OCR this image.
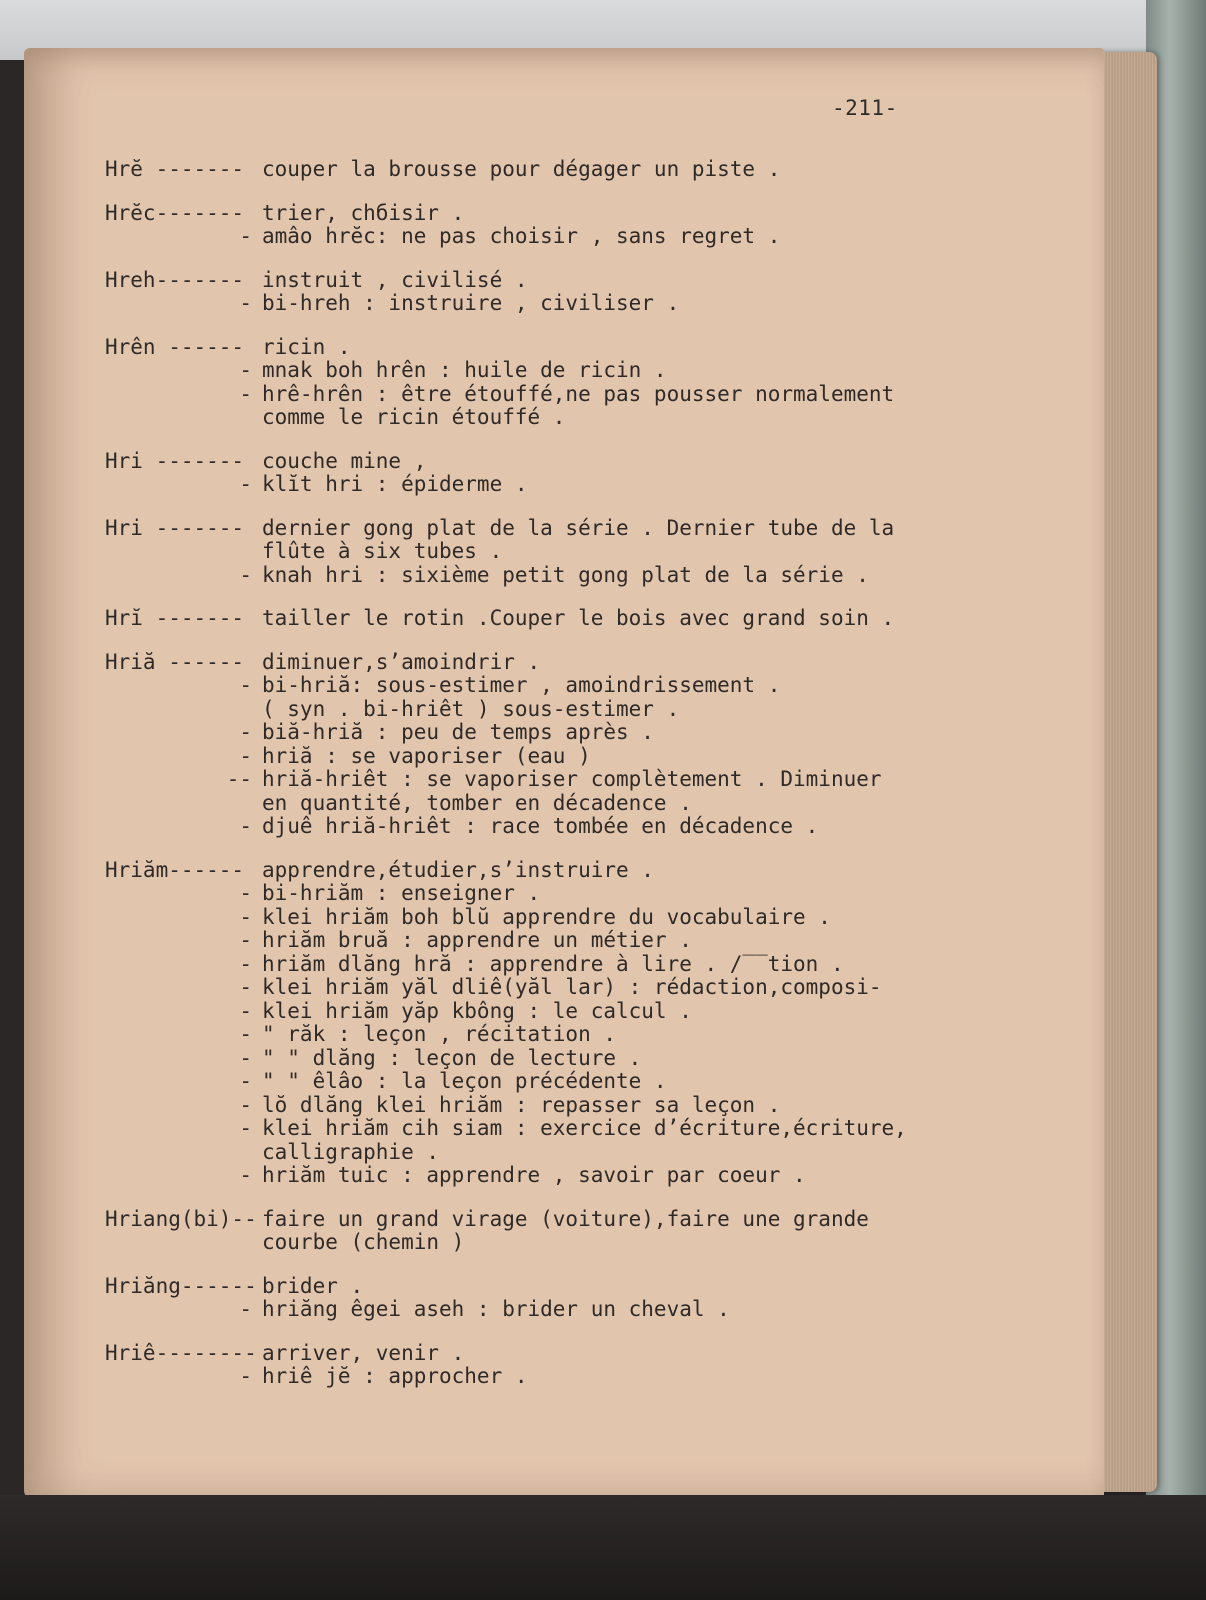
-211-
Hrĕ ------- couper la brousse pour dégager un piste .
Hrĕc------- trier, chбisir .
- amâo hrĕc: ne pas choisir , sans regret .
Hreh------- instruit , civilisé .
- bi-hreh : instruire , civiliser .
Hrên ------ ricin .
- mnak boh hrên : huile de ricin .
- hrê-hrên : être étouffé,ne pas pousser normalement
comme le ricin étouffé .
Hri ------- couche mine ,
- klĭt hri : épiderme .
Hri ------- dernier gong plat de la série . Dernier tube de la
flûte à six tubes .
- knah hri : sixième petit gong plat de la série .
Hrĭ ------- tailler le rotin .Couper le bois avec grand soin .
Hriă ------ diminuer,s’amoindrir .
- bi-hriă: sous-estimer , amoindrissement .
( syn . bi-hriêt ) sous-estimer .
- biă-hriă : peu de temps après .
- hriă : se vaporiser (eau )
-- hriă-hriêt : se vaporiser complètement . Diminuer
en quantité, tomber en décadence .
- djuê hriă-hriêt : race tombée en décadence .
Hriăm------ apprendre,étudier,s’instruire .
- bi-hriăm : enseigner .
- klei hriăm boh blŭ apprendre du vocabulaire .
- hriăm bruă : apprendre un métier .
- hriăm dlăng hră : apprendre à lire . /‾‾tion .
- klei hriăm yăl dliê(yăl lar) : rédaction,composi-
- klei hriăm yăp kbông : le calcul .
- " răk : leçon , récitation .
- " " dlăng : leçon de lecture .
- " " êlâo : la leçon précédente .
- lŏ dlăng klei hriăm : repasser sa leçon .
- klei hriăm cih siam : exercice d’écriture,écriture,
calligraphie .
- hriăm tuic : apprendre , savoir par coeur .
Hriang(bi)-- faire un grand virage (voiture),faire une grande
courbe (chemin )
Hriăng------ brider .
- hriăng êgei aseh : brider un cheval .
Hriê-------- arriver, venir .
- hriê jĕ : approcher .
